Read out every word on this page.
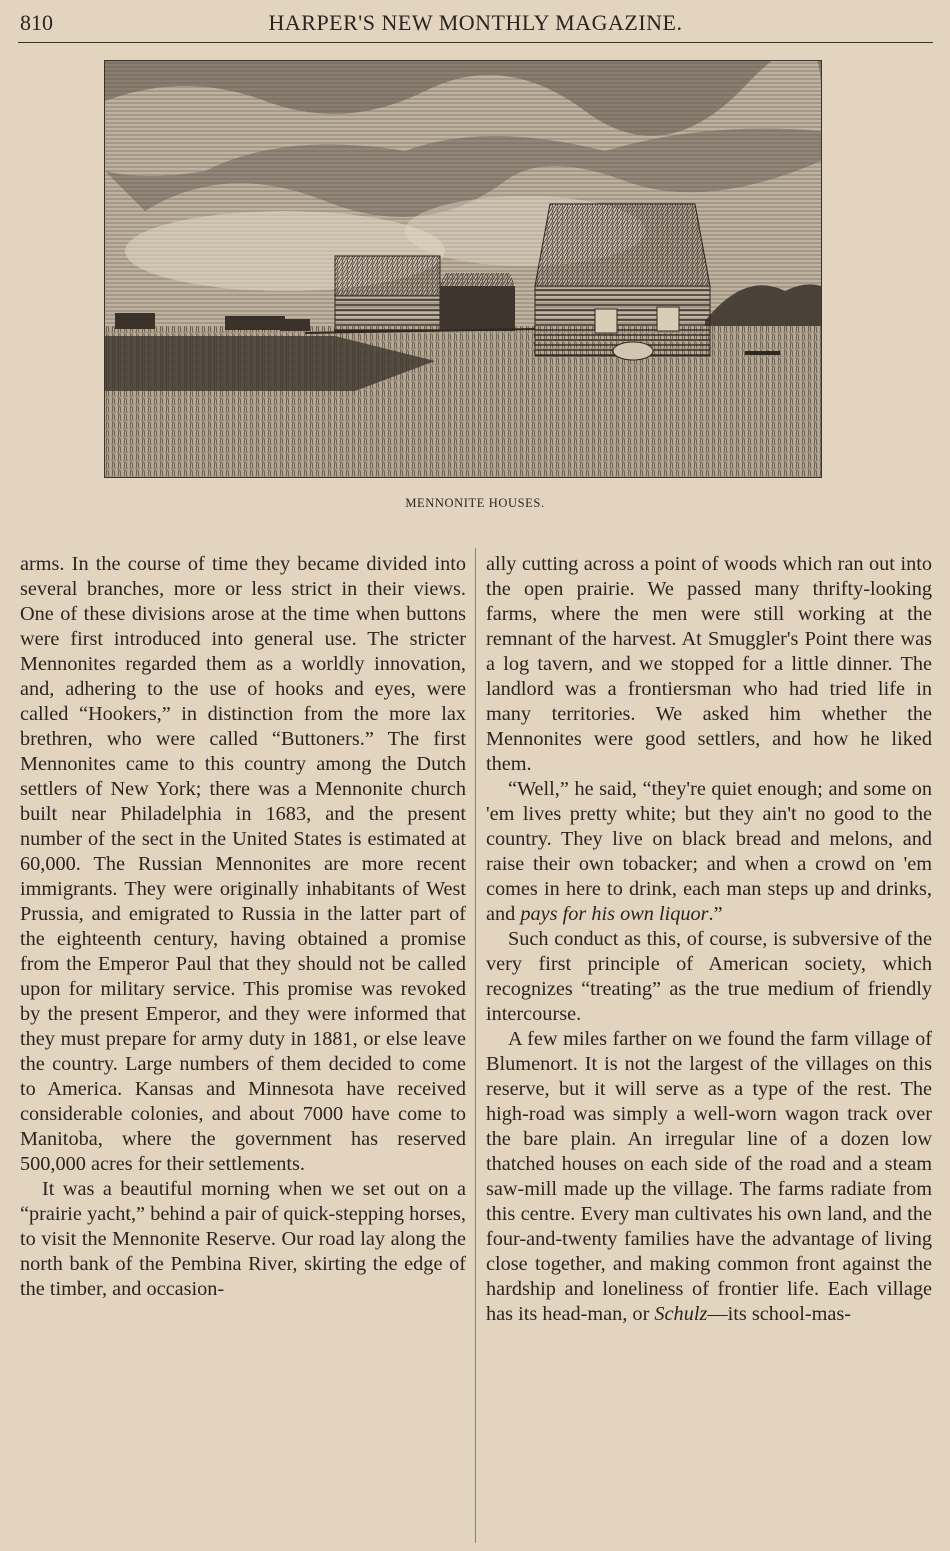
810	HARPER'S NEW MONTHLY MAGAZINE.
MENNONITE HOUSES.

arms. In the course of time they became divided into several branches, more or less strict in their views. One of these divisions arose at the time when buttons were first introduced into general use. The stricter Mennonites regarded them as a worldly innovation, and, adhering to the use of hooks and eyes, were called “Hookers,” in distinction from the more lax brethren, who were called “Buttoners.” The first Mennonites came to this country among the Dutch settlers of New York; there was a Mennonite church built near Philadelphia in 1683, and the present number of the sect in the United States is estimated at 60,000. The Russian Mennonites are more recent immigrants. They were originally inhabitants of West Prussia, and emigrated to Russia in the latter part of the eighteenth century, having obtained a promise from the Emperor Paul that they should not be called upon for military service. This promise was revoked by the present Emperor, and they were informed that they must prepare for army duty in 1881, or else leave the country. Large numbers of them decided to come to America. Kansas and Minnesota have received considerable colonies, and about 7000 have come to Manitoba, where the government has reserved 500,000 acres for their settlements.

It was a beautiful morning when we set out on a “prairie yacht,” behind a pair of quick-stepping horses, to visit the Mennonite Reserve. Our road lay along the north bank of the Pembina River, skirting the edge of the timber, and occasion-

ally cutting across a point of woods which ran out into the open prairie. We passed many thrifty-looking farms, where the men were still working at the remnant of the harvest. At Smuggler's Point there was a log tavern, and we stopped for a little dinner. The landlord was a frontiersman who had tried life in many territories. We asked him whether the Mennonites were good settlers, and how he liked them.

“Well,” he said, “they're quiet enough; and some on 'em lives pretty white; but they ain't no good to the country. They live on black bread and melons, and raise their own tobacker; and when a crowd on 'em comes in here to drink, each man steps up and drinks, and pays for his own liquor.”

Such conduct as this, of course, is subversive of the very first principle of American society, which recognizes “treating” as the true medium of friendly intercourse.

A few miles farther on we found the farm village of Blumenort. It is not the largest of the villages on this reserve, but it will serve as a type of the rest. The high-road was simply a well-worn wagon track over the bare plain. An irregular line of a dozen low thatched houses on each side of the road and a steam saw-mill made up the village. The farms radiate from this centre. Every man cultivates his own land, and the four-and-twenty families have the advantage of living close together, and making common front against the hardship and loneliness of frontier life. Each village has its head-man, or Schulz—its school-mas-
